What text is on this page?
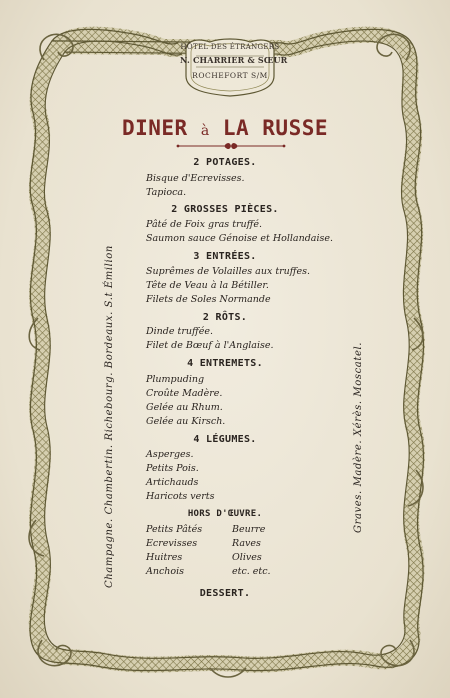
HÔTEL DES ÉTRANGERS
N. CHARRIER & SŒUR
ROCHEFORT S/M
DINER à LA RUSSE
2 POTAGES.
Bisque d'Ecrevisses.
Tapioca.
2 GROSSES PIÈCES.
Pâté de Foix gras truffé.
Saumon sauce Génoise et Hollandaise.
3 ENTRÉES.
Suprêmes de Volailles aux truffes.
Tête de Veau à la Bétiller.
Filets de Soles Normande
2 RÔTS.
Dinde truffée.
Filet de Bœuf à l'Anglaise.
4 ENTREMETS.
Plumpuding
Croûte Madère.
Gelée au Rhum.
Gelée au Kirsch.
4 LÉGUMES.
Asperges.
Petits Pois.
Artichauds
Haricots verts
HORS D'ŒUVRE.
Petits Pâtés
Ecrevisses
Huitres
Anchois
Beurre
Raves
Olives
etc. etc.
DESSERT.
Champagne. Chambertin. Richebourg. Bordeaux. S.t Émilion	Graves. Madère. Xérès. Moscatel.
